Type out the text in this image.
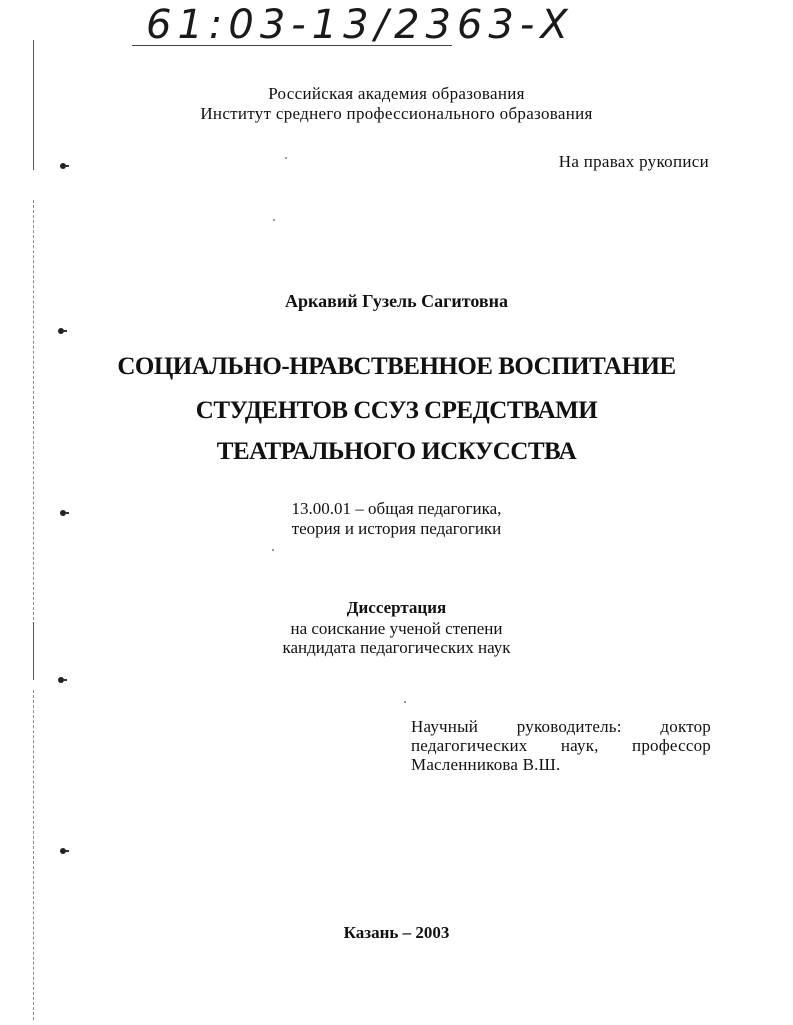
61:03-13/2363-Х
Российская академия образования
Институт среднего профессионального образования
На правах рукописи
Аркавий Гузель Сагитовна
СОЦИАЛЬНО-НРАВСТВЕННОЕ ВОСПИТАНИЕ
СТУДЕНТОВ ССУЗ СРЕДСТВАМИ
ТЕАТРАЛЬНОГО ИСКУССТВА
13.00.01 – общая педагогика,
теория и история педагогики
Диссертация
на соискание ученой степени
кандидата педагогических наук
Научный руководитель: доктор
педагогических наук, профессор
Масленникова В.Ш.
Казань – 2003
